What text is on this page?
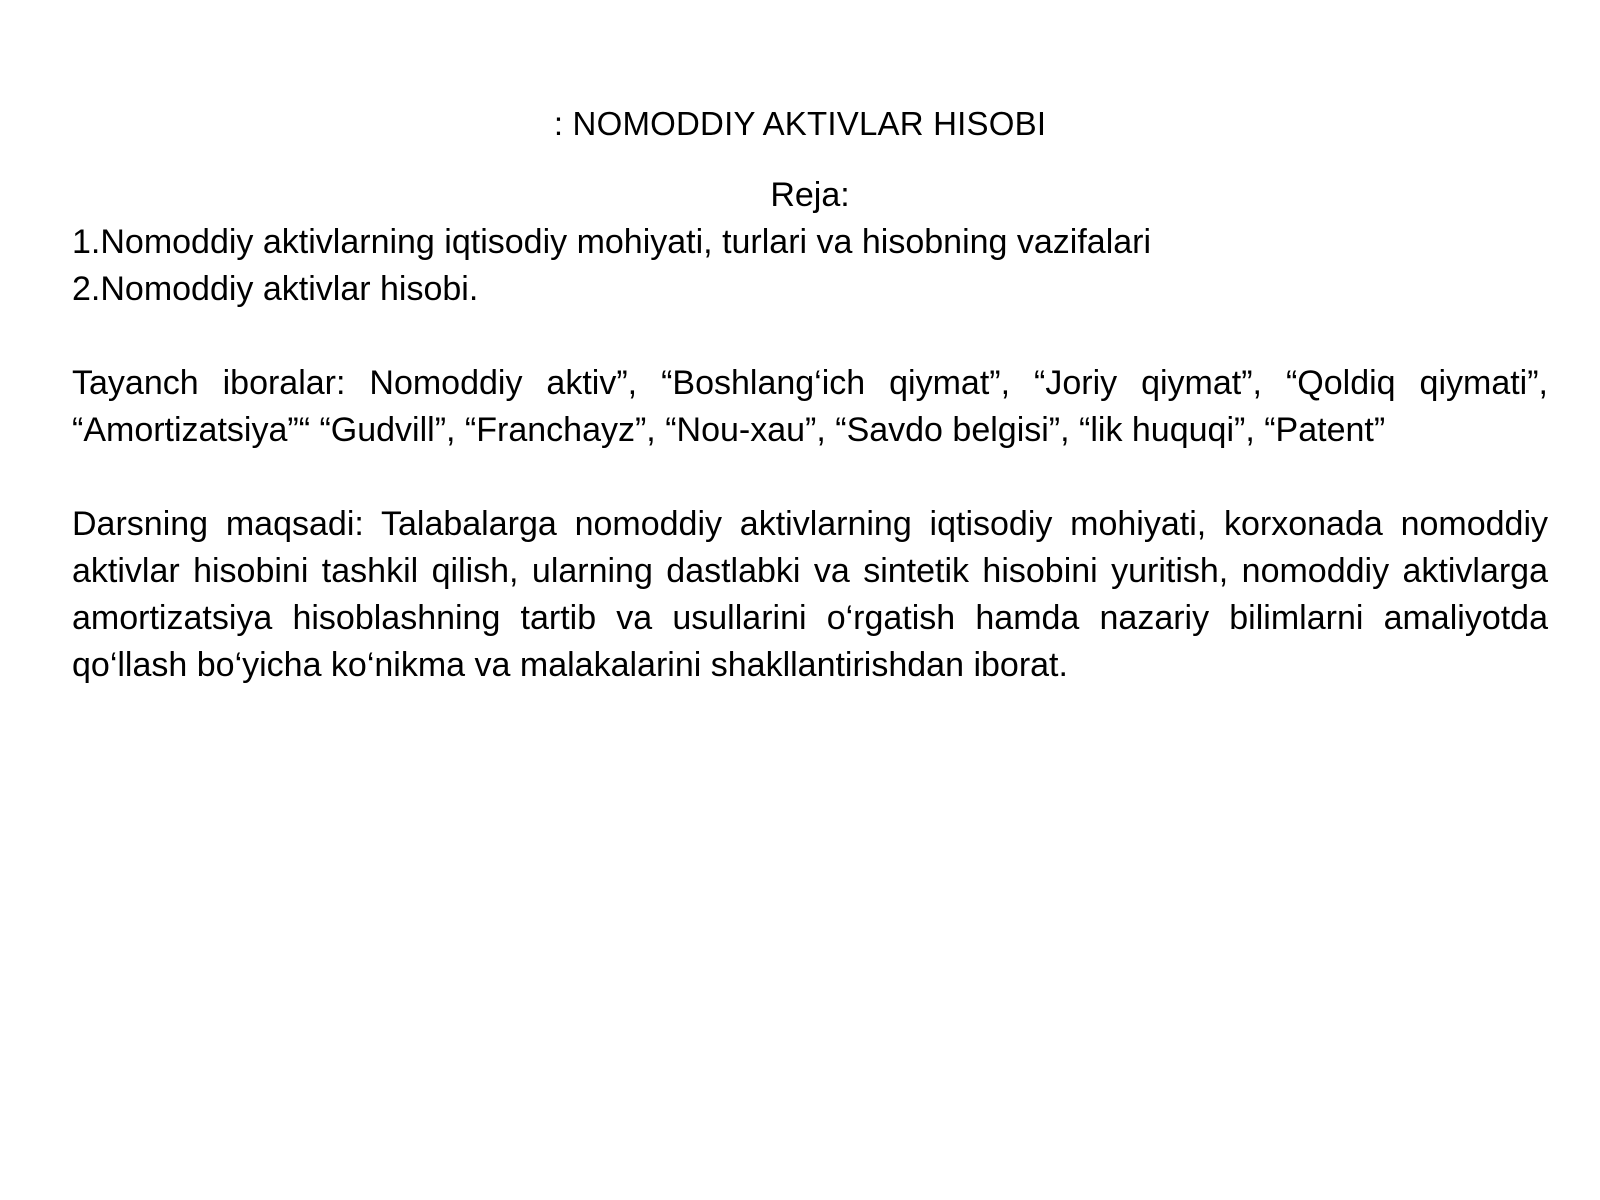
: NOMODDIY AKTIVLAR HISOBI

Reja:

1.Nomoddiy aktivlarning iqtisodiy mohiyati, turlari va hisobning vazifalari

2.Nomoddiy aktivlar hisobi.

Tayanch iboralar: Nomoddiy aktiv”, “Boshlang‘ich qiymat”, “Joriy qiymat”, “Qoldiq qiymati”, “Amortizatsiya”“ “Gudvill”, “Franchayz”, “Nou-xau”, “Savdo belgisi”, “lik huquqi”, “Patent”

Darsning maqsadi: Talabalarga nomoddiy aktivlarning iqtisodiy mohiyati, korxonada nomoddiy aktivlar hisobini tashkil qilish, ularning dastlabki va sintetik hisobini yuritish, nomoddiy aktivlarga amortizatsiya hisoblashning tartib va usullarini o‘rgatish hamda nazariy bilimlarni amaliyotda qo‘llash bo‘yicha ko‘nikma va malakalarini shakllantirishdan iborat.
